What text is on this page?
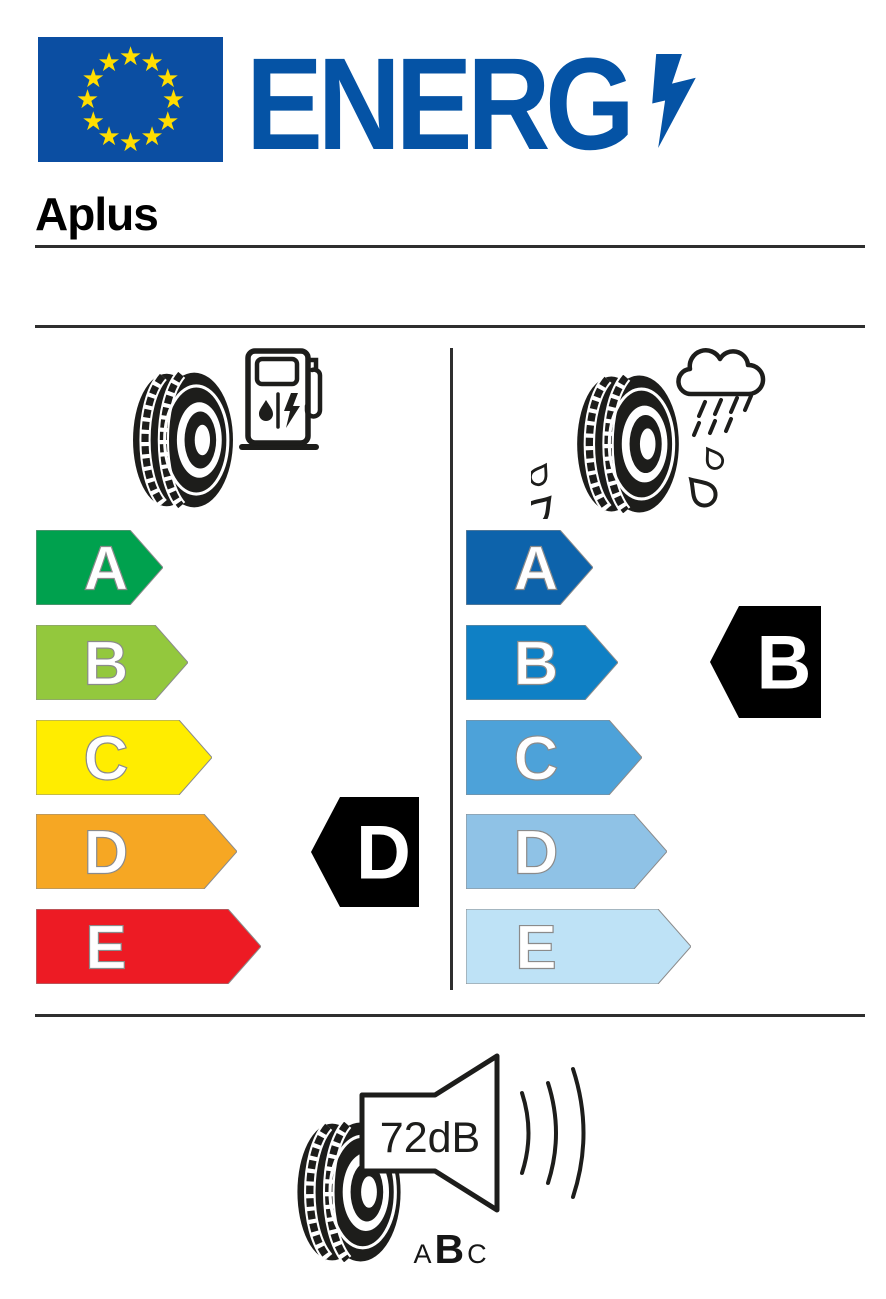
★
★
★
★
★
★
★
★
★
★
★
★ ENERG
Aplus
A
B
C
D
E
A
B
C
D
E
72dB
A B C
D
B
